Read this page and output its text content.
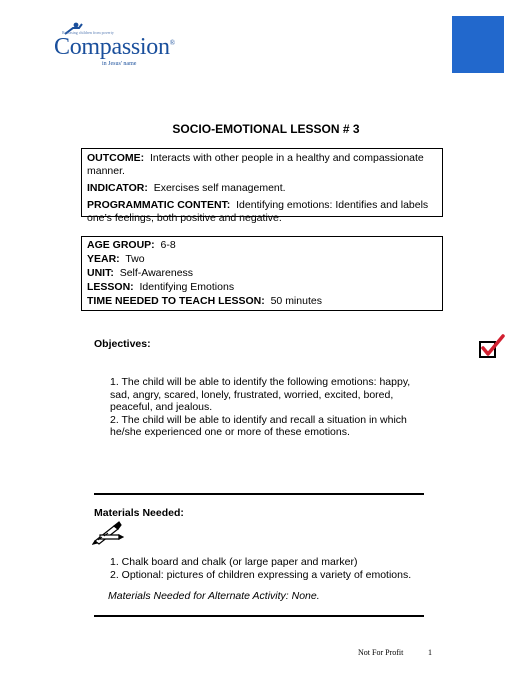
Releasing children from poverty
Compassion®
in Jesus' name
SOCIO-EMOTIONAL LESSON # 3

OUTCOME: Interacts with other people in a healthy and compassionate manner.

INDICATOR: Exercises self management.

PROGRAMMATIC CONTENT: Identifying emotions: Identifies and labels one’s feelings, both positive and negative.

AGE GROUP: 6-8

YEAR: Two

UNIT: Self-Awareness

LESSON: Identifying Emotions

TIME NEEDED TO TEACH LESSON: 50 minutes

Objectives:

1. The child will be able to identify the following emotions: happy, sad, angry, scared, lonely, frustrated, worried, excited, bored, peaceful, and jealous.

2. The child will be able to identify and recall a situation in which he/she experienced one or more of these emotions.

Materials Needed:

1. Chalk board and chalk (or large paper and marker)

2. Optional: pictures of children expressing a variety of emotions.

Materials Needed for Alternate Activity: None.
Not For Profit	1
